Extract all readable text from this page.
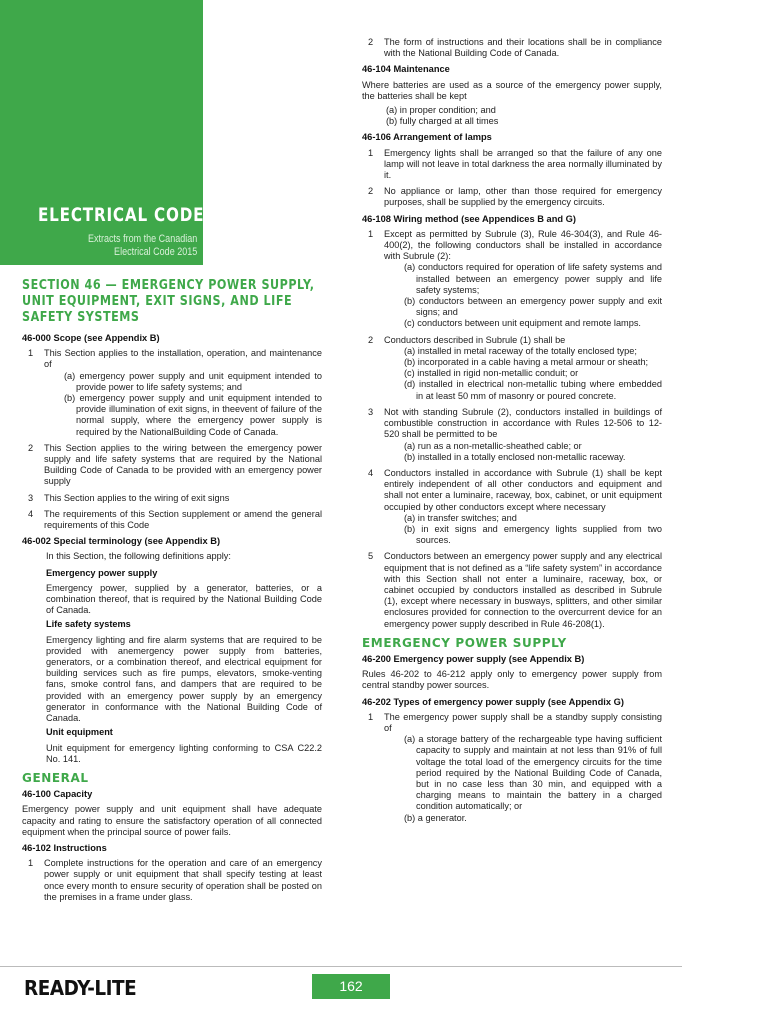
ELECTRICAL CODE
Extracts from the Canadian
Electrical Code 2015
SECTION 46 — EMERGENCY POWER SUPPLY, UNIT EQUIPMENT, EXIT SIGNS, AND LIFE SAFETY SYSTEMS
46-000 Scope (see Appendix B)
1	This Section applies to the installation, operation, and maintenance of
(a) emergency power supply and unit equipment intended to provide power to life safety systems; and
(b) emergency power supply and unit equipment intended to provide illumination of exit signs, in theevent of failure of the normal supply, where the emergency power supply is required by the NationalBuilding Code of Canada.
2	This Section applies to the wiring between the emergency power supply and life safety systems that are required by the National Building Code of Canada to be provided with an emergency power supply
3	This Section applies to the wiring of exit signs
4	The requirements of this Section supplement or amend the general requirements of this Code
46-002 Special terminology (see Appendix B)
In this Section, the following definitions apply:
Emergency power supply
Emergency power, supplied by a generator, batteries, or a combination thereof, that is required by the National Building Code of Canada.
Life safety systems
Emergency lighting and fire alarm systems that are required to be provided with anemergency power supply from batteries, generators, or a combination thereof, and electrical equipment for building services such as fire pumps, elevators, smoke-venting fans, smoke control fans, and dampers that are required to be provided with an emergency power supply by an emergency generator in conformance with the National Building Code of Canada.
Unit equipment
Unit equipment for emergency lighting conforming to CSA C22.2 No. 141.
GENERAL
46-100 Capacity
Emergency power supply and unit equipment shall have adequate capacity and rating to ensure the satisfactory operation of all connected equipment when the principal source of power fails.
46-102 Instructions
1	Complete instructions for the operation and care of an emergency power supply or unit equipment that shall specify testing at least once every month to ensure security of operation shall be posted on the premises in a frame under glass.
2	The form of instructions and their locations shall be in compliance with the National Building Code of Canada.
46-104 Maintenance
Where batteries are used as a source of the emergency power supply, the batteries shall be kept
(a) in proper condition; and
(b) fully charged at all times
46-106 Arrangement of lamps
1	Emergency lights shall be arranged so that the failure of any one lamp will not leave in total darkness the area normally illuminated by it.
2	No appliance or lamp, other than those required for emergency purposes, shall be supplied by the emergency circuits.
46-108 Wiring method (see Appendices B and G)
1	Except as permitted by Subrule (3), Rule 46-304(3), and Rule 46-400(2), the following conductors shall be installed in accordance with Subrule (2):
(a) conductors required for operation of life safety systems and installed between an emergency power supply and life safety systems;
(b) conductors between an emergency power supply and exit signs; and
(c) conductors between unit equipment and remote lamps.
2	Conductors described in Subrule (1) shall be
(a) installed in metal raceway of the totally enclosed type;
(b) incorporated in a cable having a metal armour or sheath;
(c) installed in rigid non-metallic conduit; or
(d) installed in electrical non-metallic tubing where embedded in at least 50 mm of masonry or poured concrete.
3	Not with standing Subrule (2), conductors installed in buildings of combustible construction in accordance with Rules 12-506 to 12-520 shall be permitted to be
(a) run as a non-metallic-sheathed cable; or
(b) installed in a totally enclosed non-metallic raceway.
4	Conductors installed in accordance with Subrule (1) shall be kept entirely independent of all other conductors and equipment and shall not enter a luminaire, raceway, box, cabinet, or unit equipment occupied by other conductors except where necessary
(a) in transfer switches; and
(b) in exit signs and emergency lights supplied from two sources.
5	Conductors between an emergency power supply and any electrical equipment that is not defined as a “life safety system” in accordance with this Section shall not enter a luminaire, raceway, box, or cabinet occupied by conductors installed as described in Subrule (1), except where necessary in busways, splitters, and other similar enclosures provided for connection to the overcurrent device for an emergency power supply described in Rule 46-208(1).
EMERGENCY POWER SUPPLY
46-200 Emergency power supply (see Appendix B)
Rules 46-202 to 46-212 apply only to emergency power supply from central standby power sources.
46-202 Types of emergency power supply (see Appendix G)
1	The emergency power supply shall be a standby supply consisting of
(a) a storage battery of the rechargeable type having sufficient capacity to supply and maintain at not less than 91% of full voltage the total load of the emergency circuits for the time period required by the National Building Code of Canada, but in no case less than 30 min, and equipped with a charging means to maintain the battery in a charged condition automatically; or
(b) a generator.
READY-LITE	162
